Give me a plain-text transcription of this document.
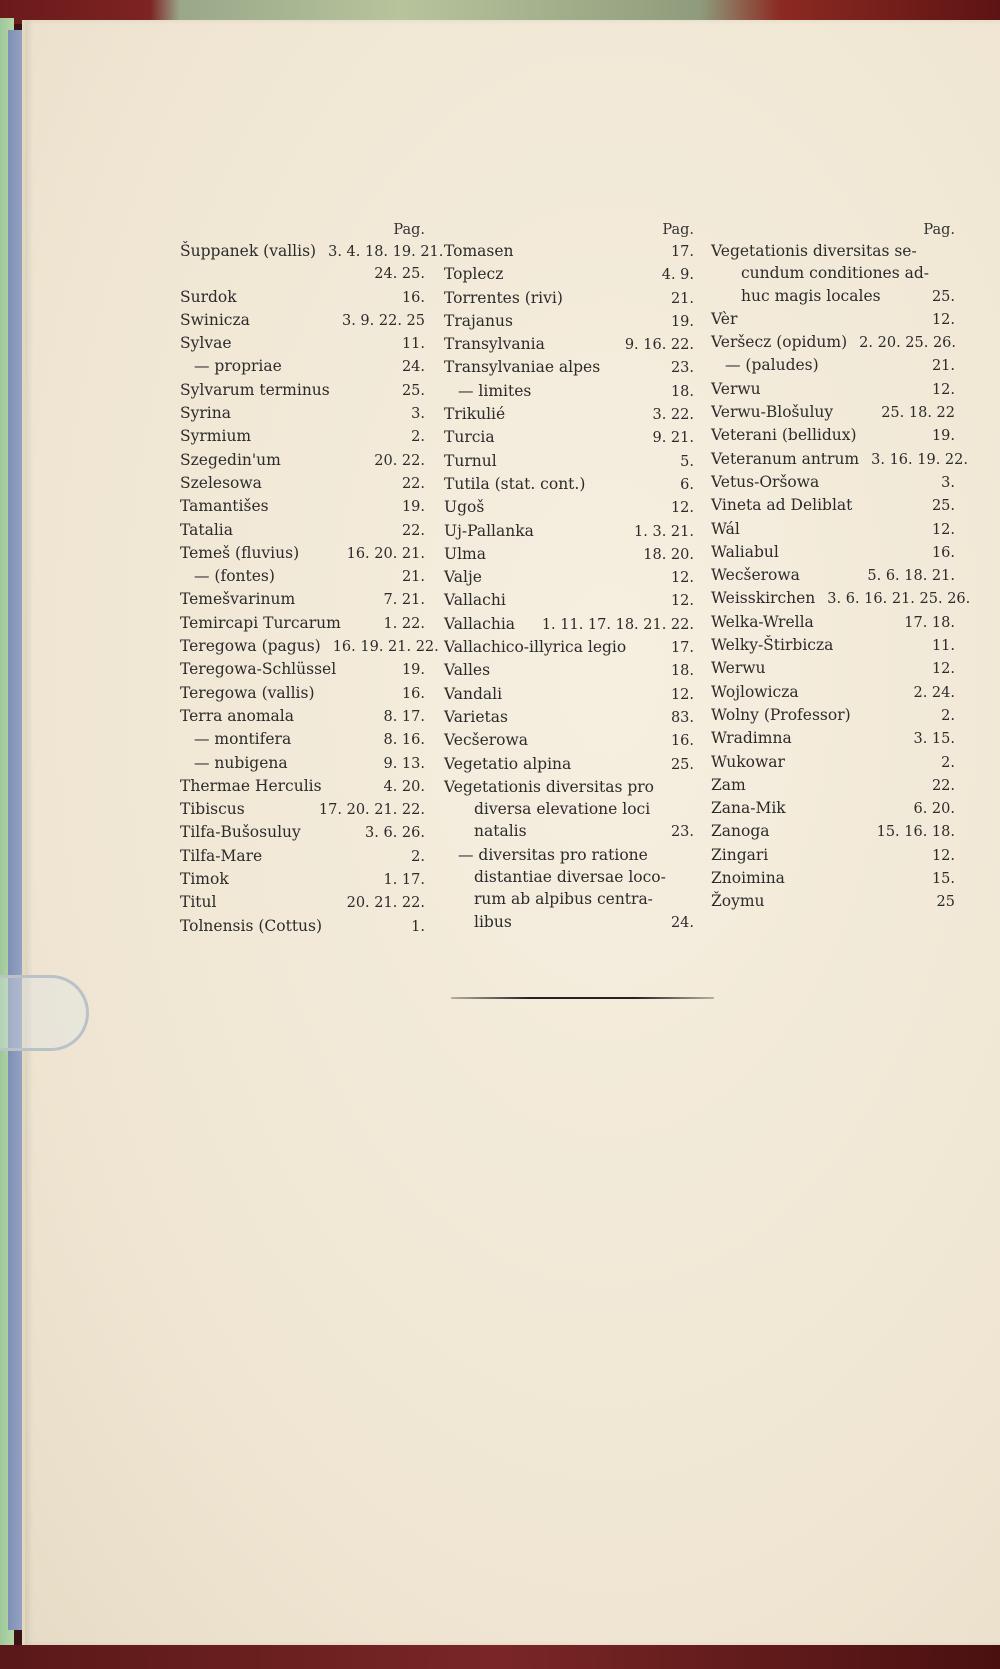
Pag.
Šuppanek (vallis) 3. 4. 18. 19. 21.
24. 25.
Surdok	16.
Swinicza	3. 9. 22. 25
Sylvae	11.
— propriae	24.
Sylvarum terminus	25.
Syrina	3.
Syrmium	2.
Szegedin'um	20. 22.
Szelesowa	22.
Tamantišes	19.
Tatalia	22.
Temeš (fluvius)	16. 20. 21.
— (fontes)	21.
Temešvarinum	7. 21.
Temircapi Turcarum	1. 22.
Teregowa (pagus) 16. 19. 21. 22.
Teregowa-Schlüssel	19.
Teregowa (vallis)	16.
Terra anomala	8. 17.
— montifera	8. 16.
— nubigena	9. 13.
Thermae Herculis	4. 20.
Tibiscus	17. 20. 21. 22.
Tilfa-Bušosuluy	3. 6. 26.
Tilfa-Mare	2.
Timok	1. 17.
Titul	20. 21. 22.
Tolnensis (Cottus)	1.
Pag.
Tomasen	17.
Toplecz	4. 9.
Torrentes (rivi)	21.
Trajanus	19.
Transylvania	9. 16. 22.
Transylvaniae alpes	23.
— limites	18.
Trikulié	3. 22.
Turcia	9. 21.
Turnul	5.
Tutila (stat. cont.)	6.
Ugoš	12.
Uj-Pallanka	1. 3. 21.
Ulma	18. 20.
Valje	12.
Vallachi	12.
Vallachia	1. 11. 17. 18. 21. 22.
Vallachico-illyrica legio	17.
Valles	18.
Vandali	12.
Varietas	83.
Vecšerowa	16.
Vegetatio alpina	25.
Vegetationis diversitas pro
diversa elevatione loci
natalis	23.
— diversitas pro ratione
distantiae diversae loco-
rum ab alpibus centra-
libus	24.
Pag.
Vegetationis diversitas se-
cundum conditiones ad-
huc magis locales	25.
Vèr	12.
Veršecz (opidum) 2. 20. 25. 26.
— (paludes)	21.
Verwu	12.
Verwu-Blošuluy	25. 18. 22
Veterani (bellidux)	19.
Veteranum antrum 3. 16. 19. 22.
Vetus-Oršowa	3.
Vineta ad Deliblat	25.
Wál	12.
Waliabul	16.
Wecšerowa	5. 6. 18. 21.
Weisskirchen 3. 6. 16. 21. 25. 26.
Welka-Wrella	17. 18.
Welky-Štirbicza	11.
Werwu	12.
Wojlowicza	2. 24.
Wolny (Professor)	2.
Wradimna	3. 15.
Wukowar	2.
Zam	22.
Zana-Mik	6. 20.
Zanoga	15. 16. 18.
Zingari	12.
Znoimina	15.
Žoymu	25
